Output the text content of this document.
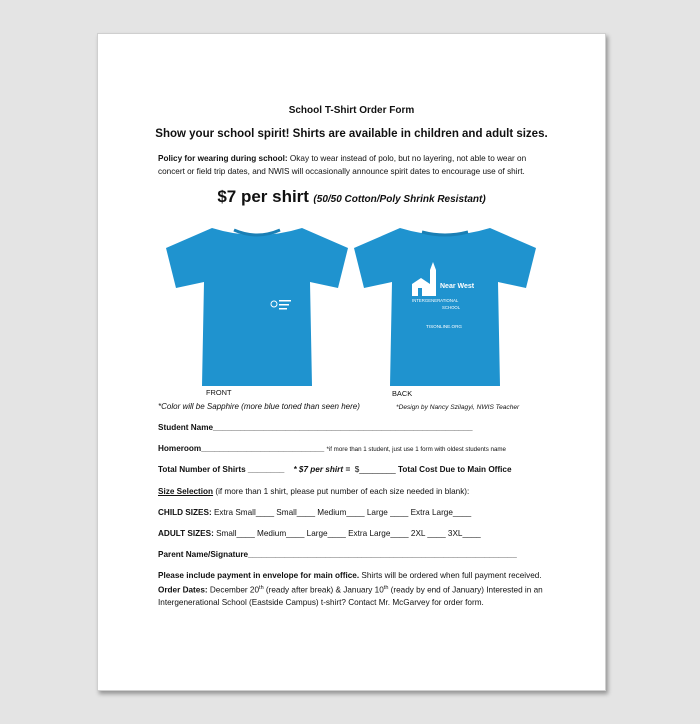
School T-Shirt Order Form
Show your school spirit! Shirts are available in children and adult sizes.
Policy for wearing during school: Okay to wear instead of polo, but no layering, not able to wear on concert or field trip dates, and NWIS will occasionally announce spirit dates to encourage use of shirt.
$7 per shirt (50/50 Cotton/Poly Shrink Resistant)
Near West
INTERGENERATIONAL
SCHOOL
TISONLINE.ORG
FRONT	BACK
*Color will be Sapphire (more blue toned than seen here)	*Design by Nancy Szilagyi, NWIS Teacher
Student Name_________________________________________________________
Homeroom___________________________ *if more than 1 student, just use 1 form with oldest students name
Total Number of Shirts ________ * $7 per shirt = $________ Total Cost Due to Main Office
Size Selection (if more than 1 shirt, please put number of each size needed in blank):
CHILD SIZES: Extra Small____ Small____ Medium____ Large ____ Extra Large____
ADULT SIZES: Small____ Medium____ Large____ Extra Large____ 2XL ____ 3XL____
Parent Name/Signature___________________________________________________________
Please include payment in envelope for main office. Shirts will be ordered when full payment received.
Order Dates: December 20th (ready after break) & January 10th (ready by end of January) Interested in an Intergenerational School (Eastside Campus) t-shirt? Contact Mr. McGarvey for order form.
